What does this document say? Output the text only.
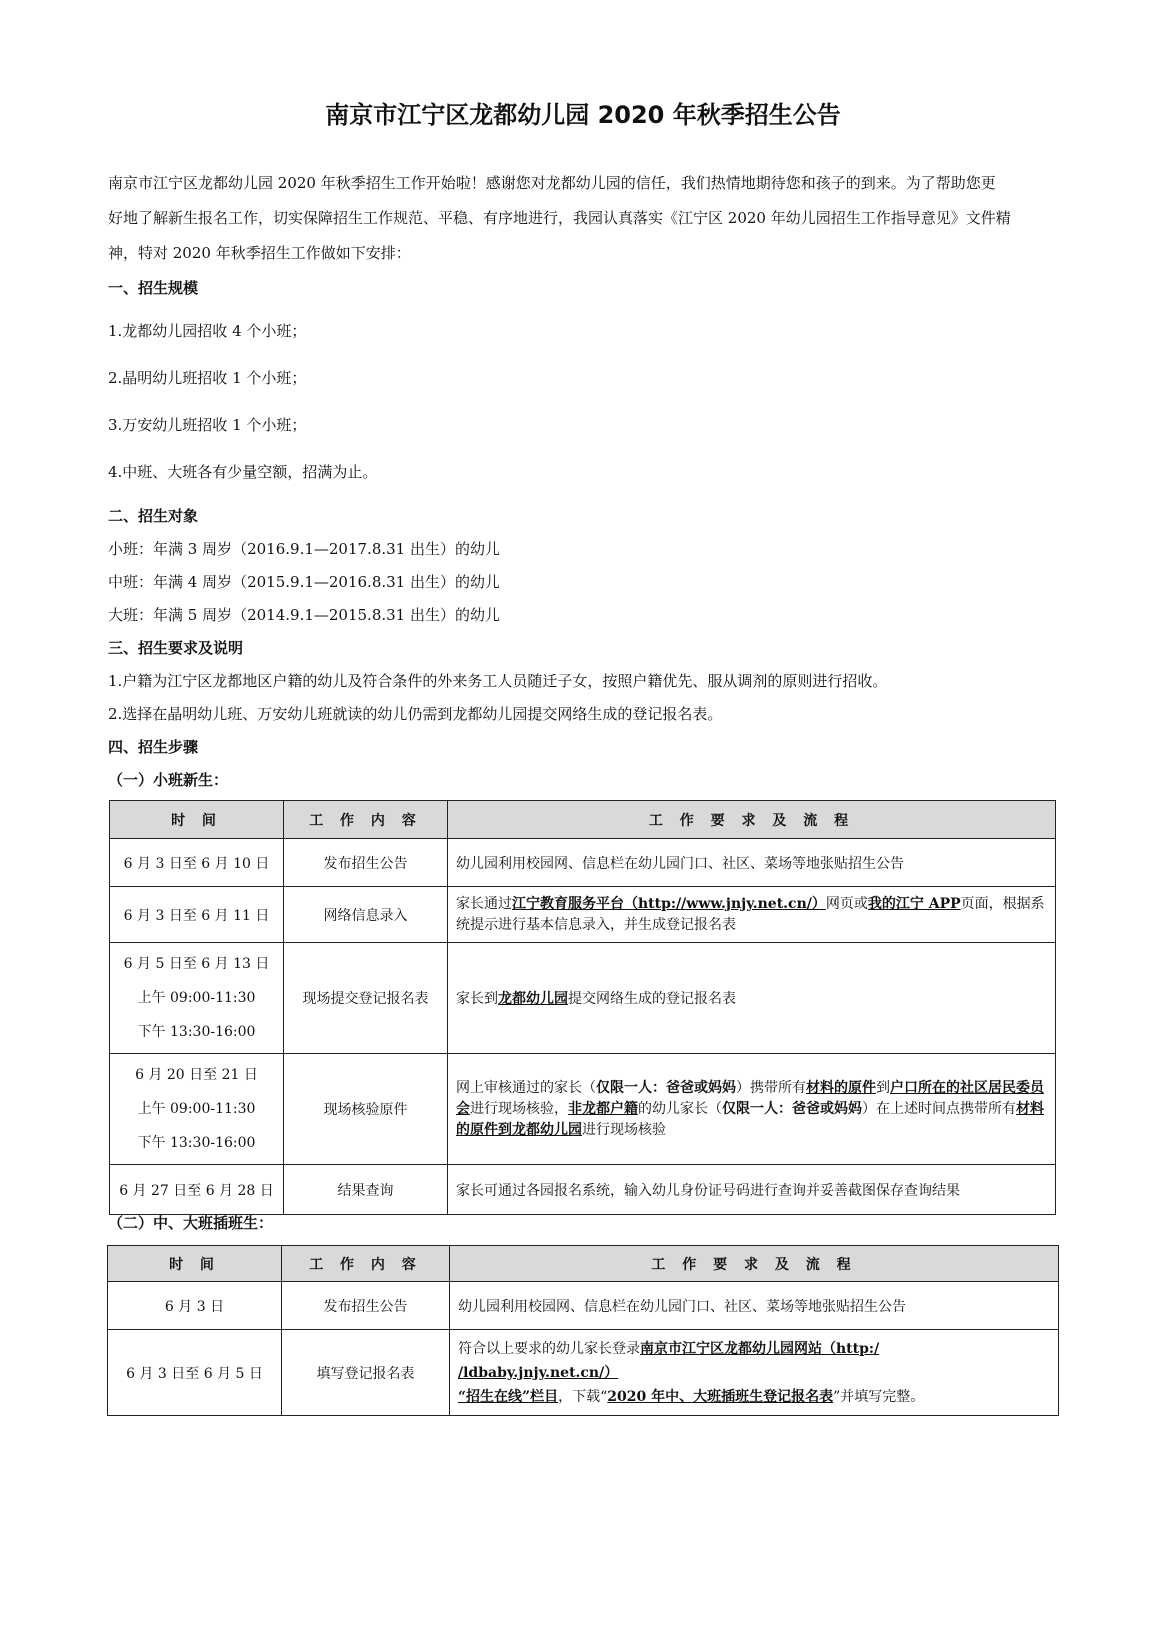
南京市江宁区龙都幼儿园 2020 年秋季招生公告
南京市江宁区龙都幼儿园 2020 年秋季招生工作开始啦！感谢您对龙都幼儿园的信任，我们热情地期待您和孩子的到来。为了帮助您更
好地了解新生报名工作，切实保障招生工作规范、平稳、有序地进行，我园认真落实《江宁区 2020 年幼儿园招生工作指导意见》文件精
神，特对 2020 年秋季招生工作做如下安排：
一、招生规模
1.龙都幼儿园招收 4 个小班；
2.晶明幼儿班招收 1 个小班；
3.万安幼儿班招收 1 个小班；
4.中班、大班各有少量空额，招满为止。
二、招生对象
小班：年满 3 周岁（2016.9.1—2017.8.31 出生）的幼儿
中班：年满 4 周岁（2015.9.1—2016.8.31 出生）的幼儿
大班：年满 5 周岁（2014.9.1—2015.8.31 出生）的幼儿
三、招生要求及说明
1.户籍为江宁区龙都地区户籍的幼儿及符合条件的外来务工人员随迁子女，按照户籍优先、服从调剂的原则进行招收。
2.选择在晶明幼儿班、万安幼儿班就读的幼儿仍需到龙都幼儿园提交网络生成的登记报名表。
四、招生步骤
（一）小班新生：
时 间	工 作 内 容	工 作 要 求 及 流 程
6 月 3 日至 6 月 10 日	发布招生公告	幼儿园利用校园网、信息栏在幼儿园门口、社区、菜场等地张贴招生公告
6 月 3 日至 6 月 11 日	网络信息录入	家长通过江宁教育服务平台（http://www.jnjy.net.cn/）网页或我的江宁 APP页面，根据系统提示进行基本信息录入，并生成登记报名表

6 月 5 日至 6 月 13 日
上午 09:00-11:30
下午 13:30-16:00	现场提交登记报名表	家长到龙都幼儿园提交网络生成的登记报名表

6 月 20 日至 21 日
上午 09:00-11:30
下午 13:30-16:00	现场核验原件	网上审核通过的家长（仅限一人：爸爸或妈妈）携带所有材料的原件到户口所在的社区居民委员会进行现场核验，非龙都户籍的幼儿家长（仅限一人：爸爸或妈妈）在上述时间点携带所有材料的原件到龙都幼儿园进行现场核验
6 月 27 日至 6 月 28 日	结果查询	家长可通过各园报名系统，输入幼儿身份证号码进行查询并妥善截图保存查询结果
（二）中、大班插班生：
时 间	工 作 内 容	工 作 要 求 及 流 程
6 月 3 日	发布招生公告	幼儿园利用校园网、信息栏在幼儿园门口、社区、菜场等地张贴招生公告
6 月 3 日至 6 月 5 日	填写登记报名表	符合以上要求的幼儿家长登录南京市江宁区龙都幼儿园网站（http:/
/ldbaby.jnjy.net.cn/）
“招生在线”栏目，下载“2020 年中、大班插班生登记报名表”并填写完整。
